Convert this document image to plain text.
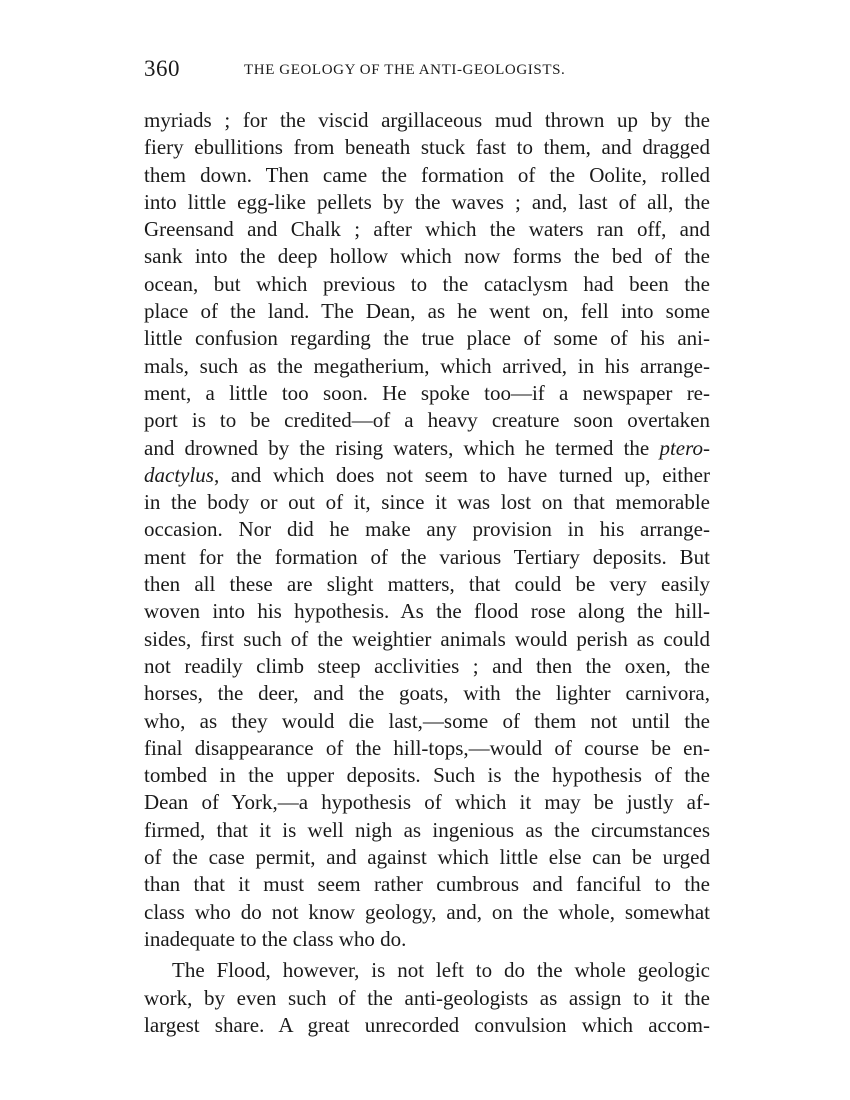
360	THE GEOLOGY OF THE ANTI-GEOLOGISTS.
myriads ; for the viscid argillaceous mud thrown up by the
fiery ebullitions from beneath stuck fast to them, and dragged
them down. Then came the formation of the Oolite, rolled
into little egg-like pellets by the waves ; and, last of all, the
Greensand and Chalk ; after which the waters ran off, and
sank into the deep hollow which now forms the bed of the
ocean, but which previous to the cataclysm had been the
place of the land. The Dean, as he went on, fell into some
little confusion regarding the true place of some of his ani-
mals, such as the megatherium, which arrived, in his arrange-
ment, a little too soon. He spoke too—if a newspaper re-
port is to be credited—of a heavy creature soon overtaken
and drowned by the rising waters, which he termed the ptero-
dactylus, and which does not seem to have turned up, either
in the body or out of it, since it was lost on that memorable
occasion. Nor did he make any provision in his arrange-
ment for the formation of the various Tertiary deposits. But
then all these are slight matters, that could be very easily
woven into his hypothesis. As the flood rose along the hill-
sides, first such of the weightier animals would perish as could
not readily climb steep acclivities ; and then the oxen, the
horses, the deer, and the goats, with the lighter carnivora,
who, as they would die last,—some of them not until the
final disappearance of the hill-tops,—would of course be en-
tombed in the upper deposits. Such is the hypothesis of the
Dean of York,—a hypothesis of which it may be justly af-
firmed, that it is well nigh as ingenious as the circumstances
of the case permit, and against which little else can be urged
than that it must seem rather cumbrous and fanciful to the
class who do not know geology, and, on the whole, somewhat
inadequate to the class who do.
The Flood, however, is not left to do the whole geologic
work, by even such of the anti-geologists as assign to it the
largest share. A great unrecorded convulsion which accom-
